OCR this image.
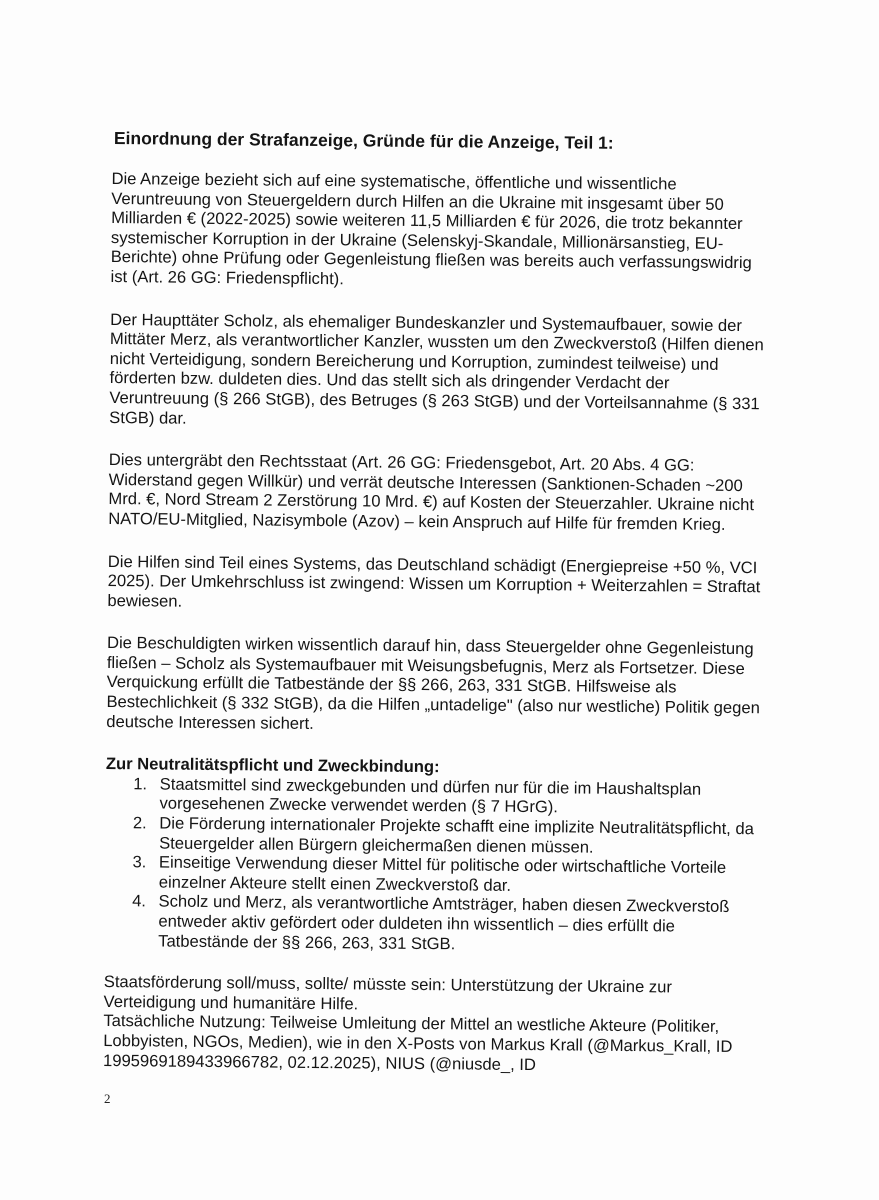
Einordnung der Strafanzeige, Gründe für die Anzeige, Teil 1:

Die Anzeige bezieht sich auf eine systematische, öffentliche und wissentliche Veruntreuung von Steuergeldern durch Hilfen an die Ukraine mit insgesamt über 50 Milliarden € (2022-2025) sowie weiteren 11,5 Milliarden € für 2026, die trotz bekannter systemischer Korruption in der Ukraine (Selenskyj-Skandale, Millionärsanstieg, EU-Berichte) ohne Prüfung oder Gegenleistung fließen was bereits auch verfassungswidrig ist (Art. 26 GG: Friedenspflicht).

Der Haupttäter Scholz, als ehemaliger Bundeskanzler und Systemaufbauer, sowie der Mittäter Merz, als verantwortlicher Kanzler, wussten um den Zweckverstoß (Hilfen dienen nicht Verteidigung, sondern Bereicherung und Korruption, zumindest teilweise) und förderten bzw. duldeten dies. Und das stellt sich als dringender Verdacht der Veruntreuung (§ 266 StGB), des Betruges (§ 263 StGB) und der Vorteilsannahme (§ 331 StGB) dar.

Dies untergräbt den Rechtsstaat (Art. 26 GG: Friedensgebot, Art. 20 Abs. 4 GG: Widerstand gegen Willkür) und verrät deutsche Interessen (Sanktionen-Schaden ~200 Mrd. €, Nord Stream 2 Zerstörung 10 Mrd. €) auf Kosten der Steuerzahler. Ukraine nicht NATO/EU-Mitglied, Nazisymbole (Azov) – kein Anspruch auf Hilfe für fremden Krieg.

Die Hilfen sind Teil eines Systems, das Deutschland schädigt (Energiepreise +50 %, VCI 2025). Der Umkehrschluss ist zwingend: Wissen um Korruption + Weiterzahlen = Straftat bewiesen.

Die Beschuldigten wirken wissentlich darauf hin, dass Steuergelder ohne Gegenleistung fließen – Scholz als Systemaufbauer mit Weisungsbefugnis, Merz als Fortsetzer. Diese Verquickung erfüllt die Tatbestände der §§ 266, 263, 331 StGB. Hilfsweise als Bestechlichkeit (§ 332 StGB), da die Hilfen „untadelige" (also nur westliche) Politik gegen deutsche Interessen sichert.

Zur Neutralitätspflicht und Zweckbindung:
1. Staatsmittel sind zweckgebunden und dürfen nur für die im Haushaltsplan vorgesehenen Zwecke verwendet werden (§ 7 HGrG).
2. Die Förderung internationaler Projekte schafft eine implizite Neutralitätspflicht, da Steuergelder allen Bürgern gleichermaßen dienen müssen.
3. Einseitige Verwendung dieser Mittel für politische oder wirtschaftliche Vorteile einzelner Akteure stellt einen Zweckverstoß dar.
4. Scholz und Merz, als verantwortliche Amtsträger, haben diesen Zweckverstoß entweder aktiv gefördert oder duldeten ihn wissentlich – dies erfüllt die Tatbestände der §§ 266, 263, 331 StGB.

Staatsförderung soll/muss, sollte/ müsste sein: Unterstützung der Ukraine zur Verteidigung und humanitäre Hilfe.

Tatsächliche Nutzung: Teilweise Umleitung der Mittel an westliche Akteure (Politiker, Lobbyisten, NGOs, Medien), wie in den X-Posts von Markus Krall (@Markus_Krall, ID 1995969189433966782, 02.12.2025), NIUS (@niusde_, ID

2
